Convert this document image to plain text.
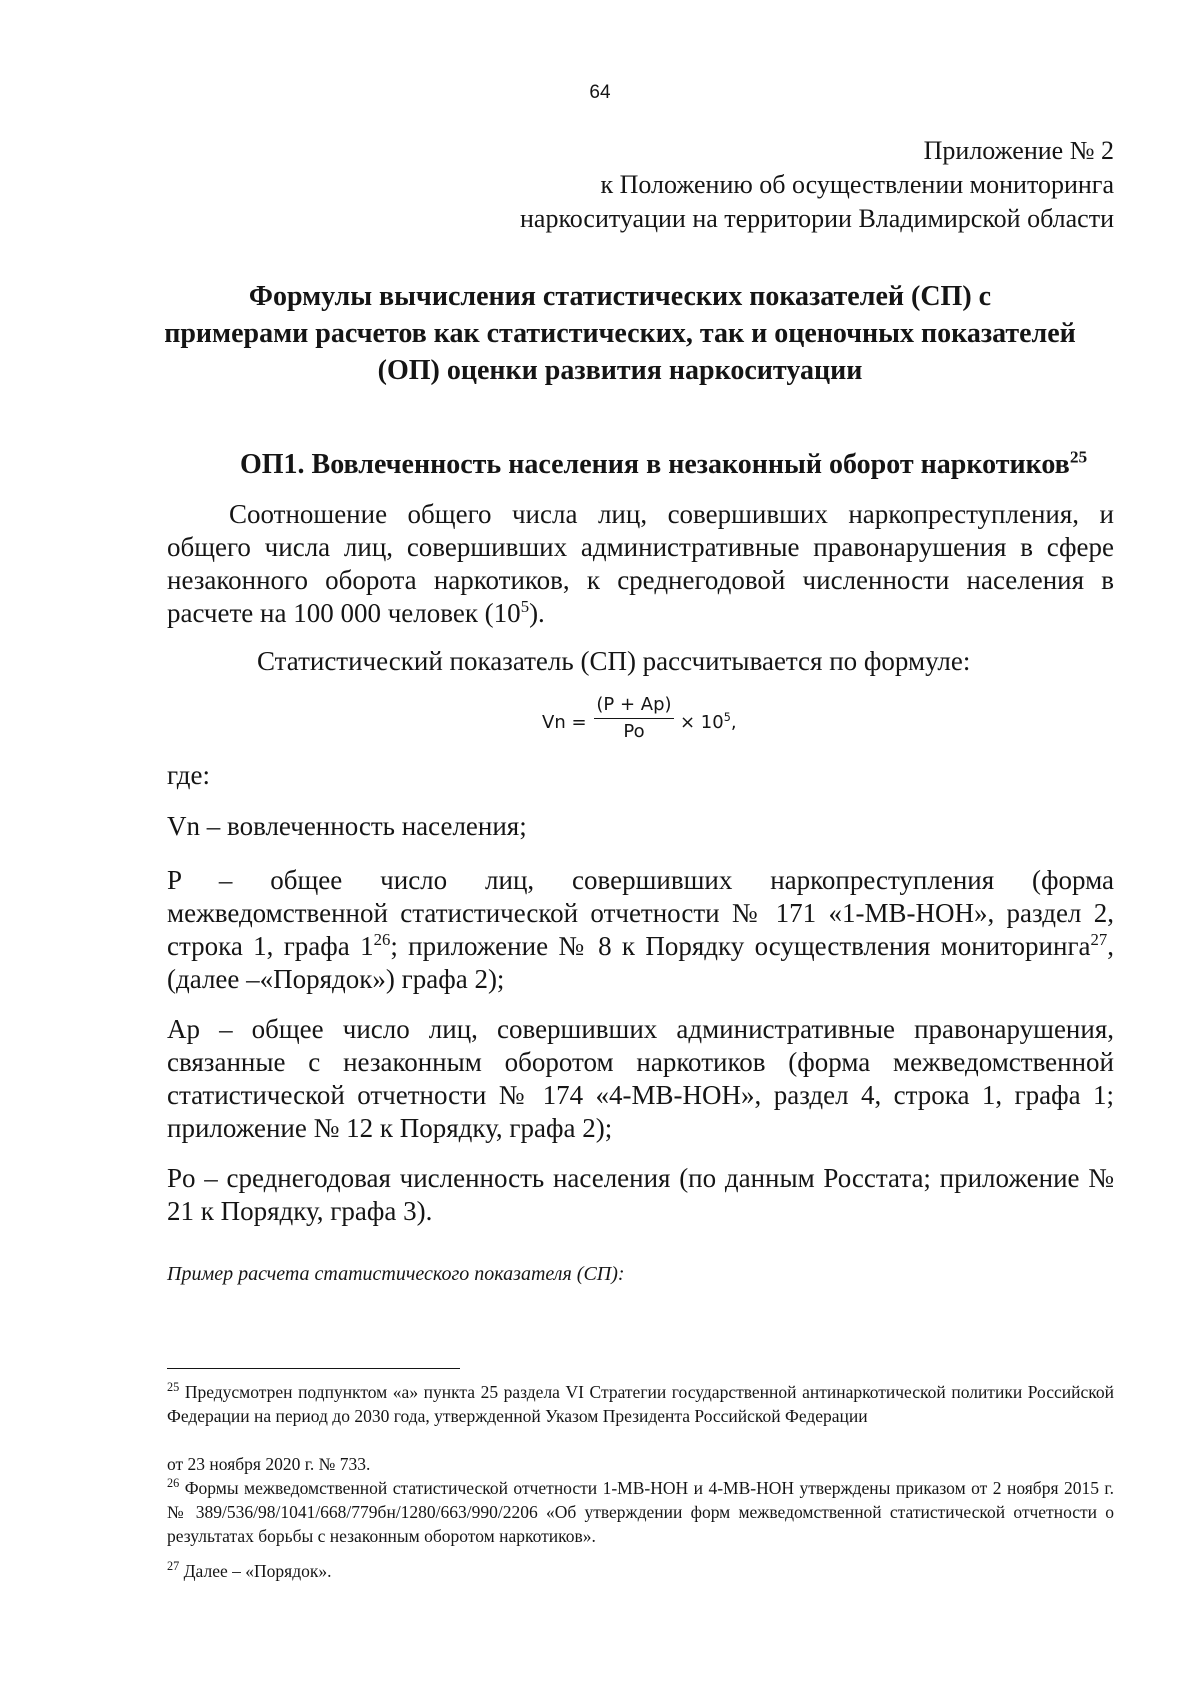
64
Приложение № 2
к Положению об осуществлении мониторинга
наркоситуации на территории Владимирской области
Формулы вычисления статистических показателей (СП) с
примерами расчетов как статистических, так и оценочных показателей
(ОП) оценки развития наркоситуации
ОП1. Вовлеченность населения в незаконный оборот наркотиков$^{25}$
Соотношение общего числа лиц, совершивших наркопреступления, и общего числа лиц, совершивших административные правонарушения в сфере незаконного оборота наркотиков, к среднегодовой численности населения в расчете на 100 000 человек $(10^5)$.
Статистический показатель (СП) рассчитывается по формуле:
Vn =
(P + Ap)
Po	× $10^5$,
где:
Vn – вовлеченность населения;
P – общее число лиц, совершивших наркопреступления (форма межведомственной статистической отчетности № 171 «1-МВ-НОН», раздел 2, строка 1, графа $1^{26}$; приложение № 8 к Порядку осуществления мониторинга$^{27}$, (далее –«Порядок») графа 2);
Ap – общее число лиц, совершивших административные правонарушения, связанные с незаконным оборотом наркотиков (форма межведомственной статистической отчетности № 174 «4-МВ-НОН», раздел 4, строка 1, графа 1; приложение № 12 к Порядку, графа 2);
Po – среднегодовая численность населения (по данным Росстата; приложение № 21 к Порядку, графа 3).
Пример расчета статистического показателя (СП):
$^{25}$ Предусмотрен подпунктом «а» пункта 25 раздела VI Стратегии государственной антинаркотической политики Российской Федерации на период до 2030 года, утвержденной Указом Президента Российской Федерации
от 23 ноября 2020 г. № 733.
$^{26}$ Формы межведомственной статистической отчетности 1-МВ-НОН и 4-МВ-НОН утверждены приказом от 2 ноября 2015 г. № 389/536/98/1041/668/779бн/1280/663/990/2206 «Об утверждении форм межведомственной статистической отчетности о результатах борьбы с незаконным оборотом наркотиков».
$^{27}$ Далее – «Порядок».
